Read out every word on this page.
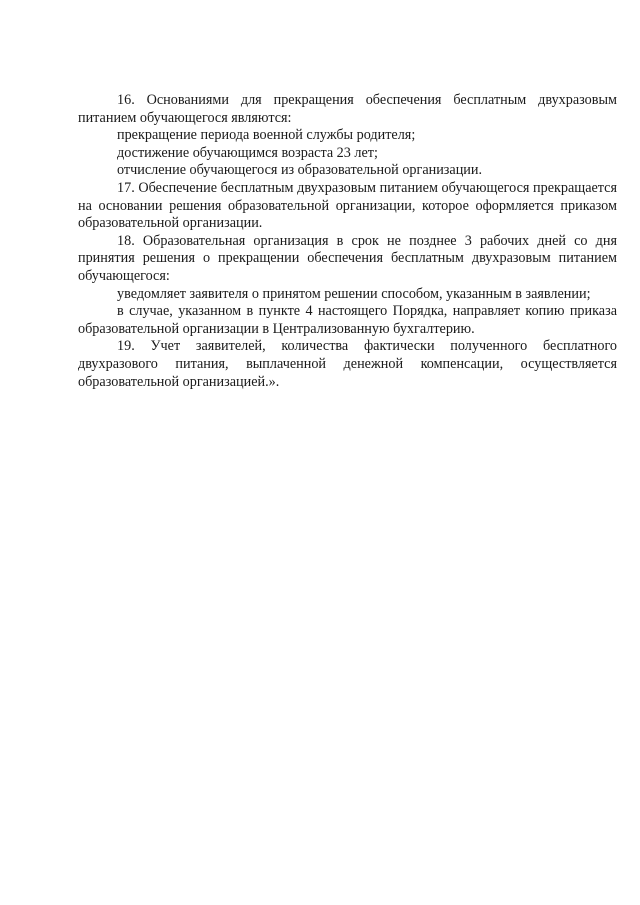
16. Основаниями для прекращения обеспечения бесплатным двухразовым питанием обучающегося являются:

прекращение периода военной службы родителя;

достижение обучающимся возраста 23 лет;

отчисление обучающегося из образовательной организации.

17. Обеспечение бесплатным двухразовым питанием обучающегося прекращается на основании решения образовательной организации, которое оформляется приказом образовательной организации.

18. Образовательная организация в срок не позднее 3 рабочих дней со дня принятия решения о прекращении обеспечения бесплатным двухразовым питанием обучающегося:

уведомляет заявителя о принятом решении способом, указанным в заявлении;

в случае, указанном в пункте 4 настоящего Порядка, направляет копию приказа образовательной организации в Централизованную бухгалтерию.

19. Учет заявителей, количества фактически полученного бесплатного двухразового питания, выплаченной денежной компенсации, осуществляется образовательной организацией.».
